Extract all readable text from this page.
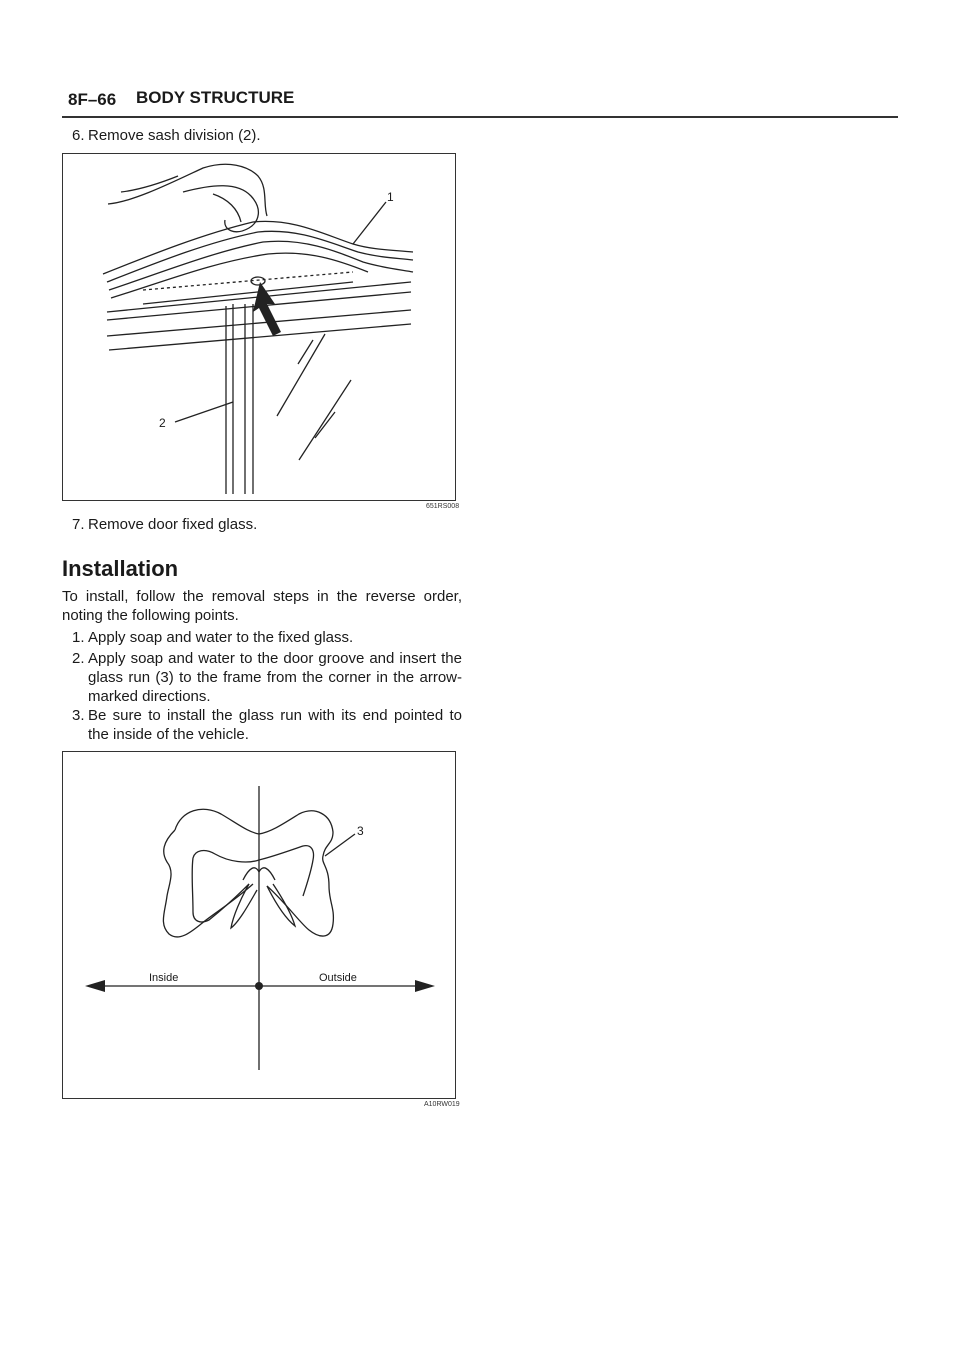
8F–66 BODY STRUCTURE
6. Remove sash division (2).
1
2
651RS008
7. Remove door fixed glass.
Installation
To install, follow the removal steps in the reverse order, noting the following points.
1. Apply soap and water to the fixed glass.
2. Apply soap and water to the door groove and insert the glass run (3) to the frame from the corner in the arrow-marked directions.
3. Be sure to install the glass run with its end pointed to the inside of the vehicle.
3
Inside	Outside
A10RW019
